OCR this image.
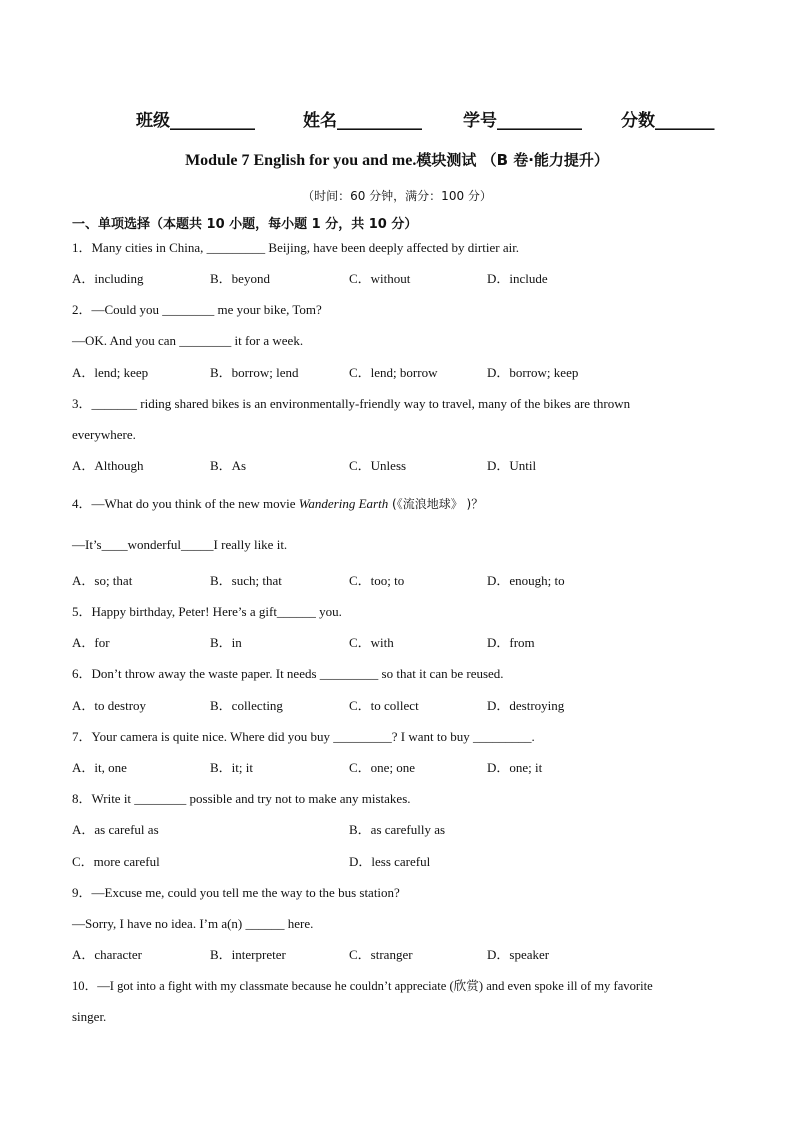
班级__________	姓名__________ 学号__________ 分数_______
Module 7 English for you and me.模块测试 （B 卷·能力提升）
（时间：60 分钟，满分：100 分）
一、单项选择（本题共 10 小题，每小题 1 分，共 10 分）
1．Many cities in China, _________ Beijing, have been deeply affected by dirtier air.
A．including	B．beyond	C．without	D．include
2．—Could you ________ me your bike, Tom?
—OK. And you can ________ it for a week.
A．lend; keep	B．borrow; lend	C．lend; borrow	D．borrow; keep
3．_______ riding shared bikes is an environmentally-friendly way to travel, many of the bikes are thrown
everywhere.
A．Although	B．As	C．Unless	D．Until
4．—What do you think of the new movie Wandering Earth (《流浪地球》 )？
—It’s____wonderful_____I really like it.
A．so; that	B．such; that	C．too; to	D．enough; to
5．Happy birthday, Peter! Here’s a gift______ you.
A．for	B．in	C．with	D．from
6．Don’t throw away the waste paper. It needs _________ so that it can be reused.
A．to destroy	B．collecting	C．to collect	D．destroying
7．Your camera is quite nice. Where did you buy _________? I want to buy _________.
A．it, one	B．it; it	C．one; one	D．one; it
8．Write it ________ possible and try not to make any mistakes.
A．as careful as	B．as carefully as
C．more careful	D．less careful
9．—Excuse me, could you tell me the way to the bus station?
—Sorry, I have no idea. I’m a(n) ______ here.
A．character	B．interpreter	C．stranger	D．speaker
10．—I got into a fight with my classmate because he couldn’t appreciate (欣赏) and even spoke ill of my favorite
singer.
